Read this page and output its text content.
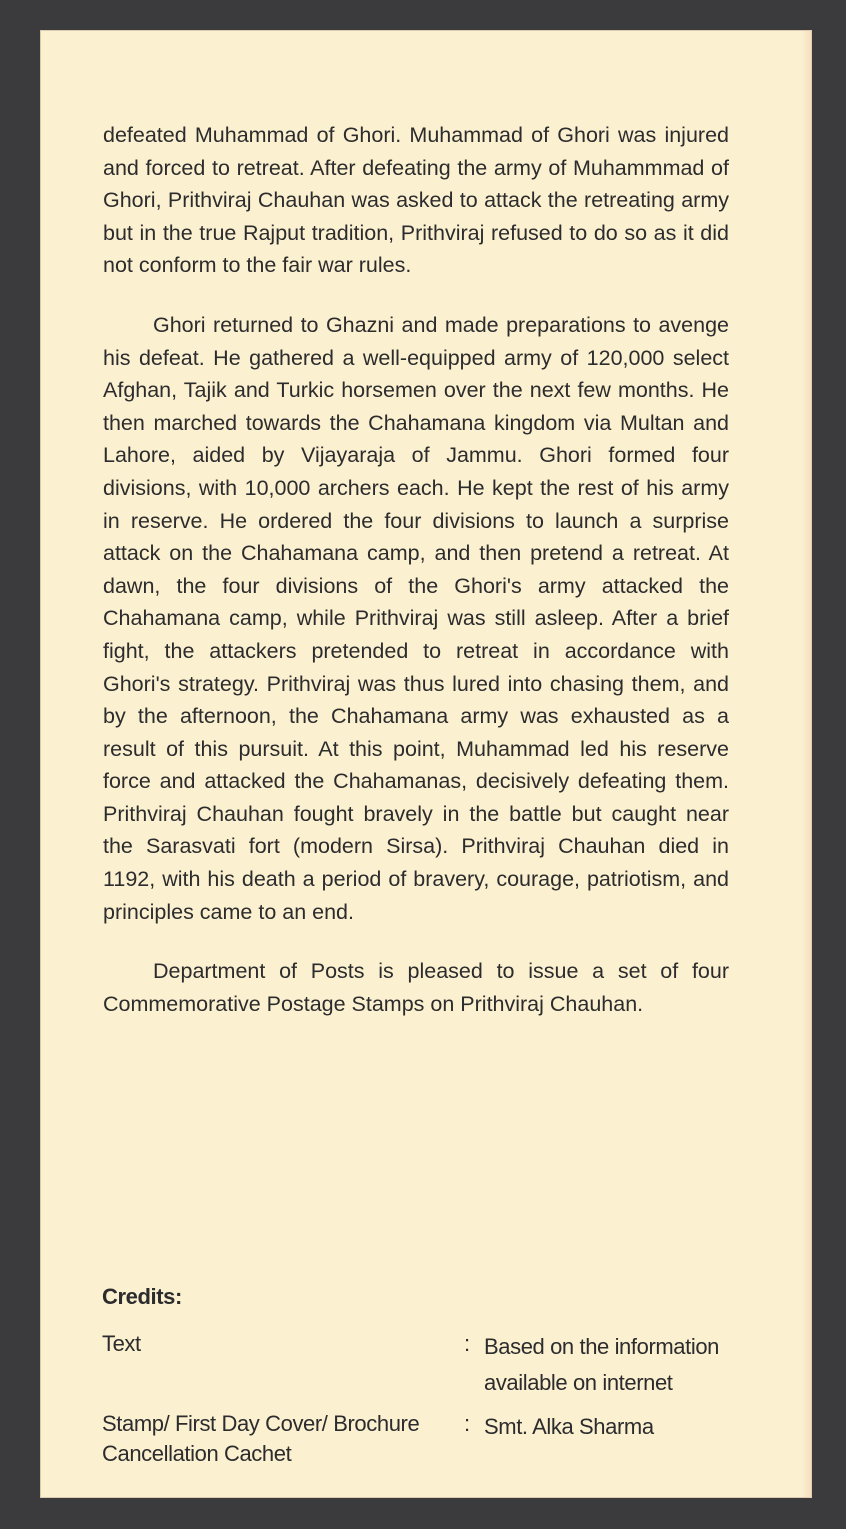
defeated Muhammad of Ghori. Muhammad of Ghori was injured and forced to retreat. After defeating the army of Muhammmad of Ghori, Prithviraj Chauhan was asked to attack the retreating army but in the true Rajput tradition, Prithviraj refused to do so as it did not conform to the fair war rules.

Ghori returned to Ghazni and made preparations to avenge his defeat. He gathered a well-equipped army of 120,000 select Afghan, Tajik and Turkic horsemen over the next few months. He then marched towards the Chahamana kingdom via Multan and Lahore, aided by Vijayaraja of Jammu. Ghori formed four divisions, with 10,000 archers each. He kept the rest of his army in reserve. He ordered the four divisions to launch a surprise attack on the Chahamana camp, and then pretend a retreat. At dawn, the four divisions of the Ghori's army attacked the Chahamana camp, while Prithviraj was still asleep. After a brief fight, the attackers pretended to retreat in accordance with Ghori's strategy. Prithviraj was thus lured into chasing them, and by the afternoon, the Chahamana army was exhausted as a result of this pursuit. At this point, Muhammad led his reserve force and attacked the Chahamanas, decisively defeating them. Prithviraj Chauhan fought bravely in the battle but caught near the Sarasvati fort (modern Sirsa). Prithviraj Chauhan died in 1192, with his death a period of bravery, courage, patriotism, and principles came to an end.

Department of Posts is pleased to issue a set of four Commemorative Postage Stamps on Prithviraj Chauhan.

Credits:
Text	: Based on the information
available on internet
Stamp/ First Day Cover/ Brochure
Cancellation Cachet
: Smt. Alka Sharma
